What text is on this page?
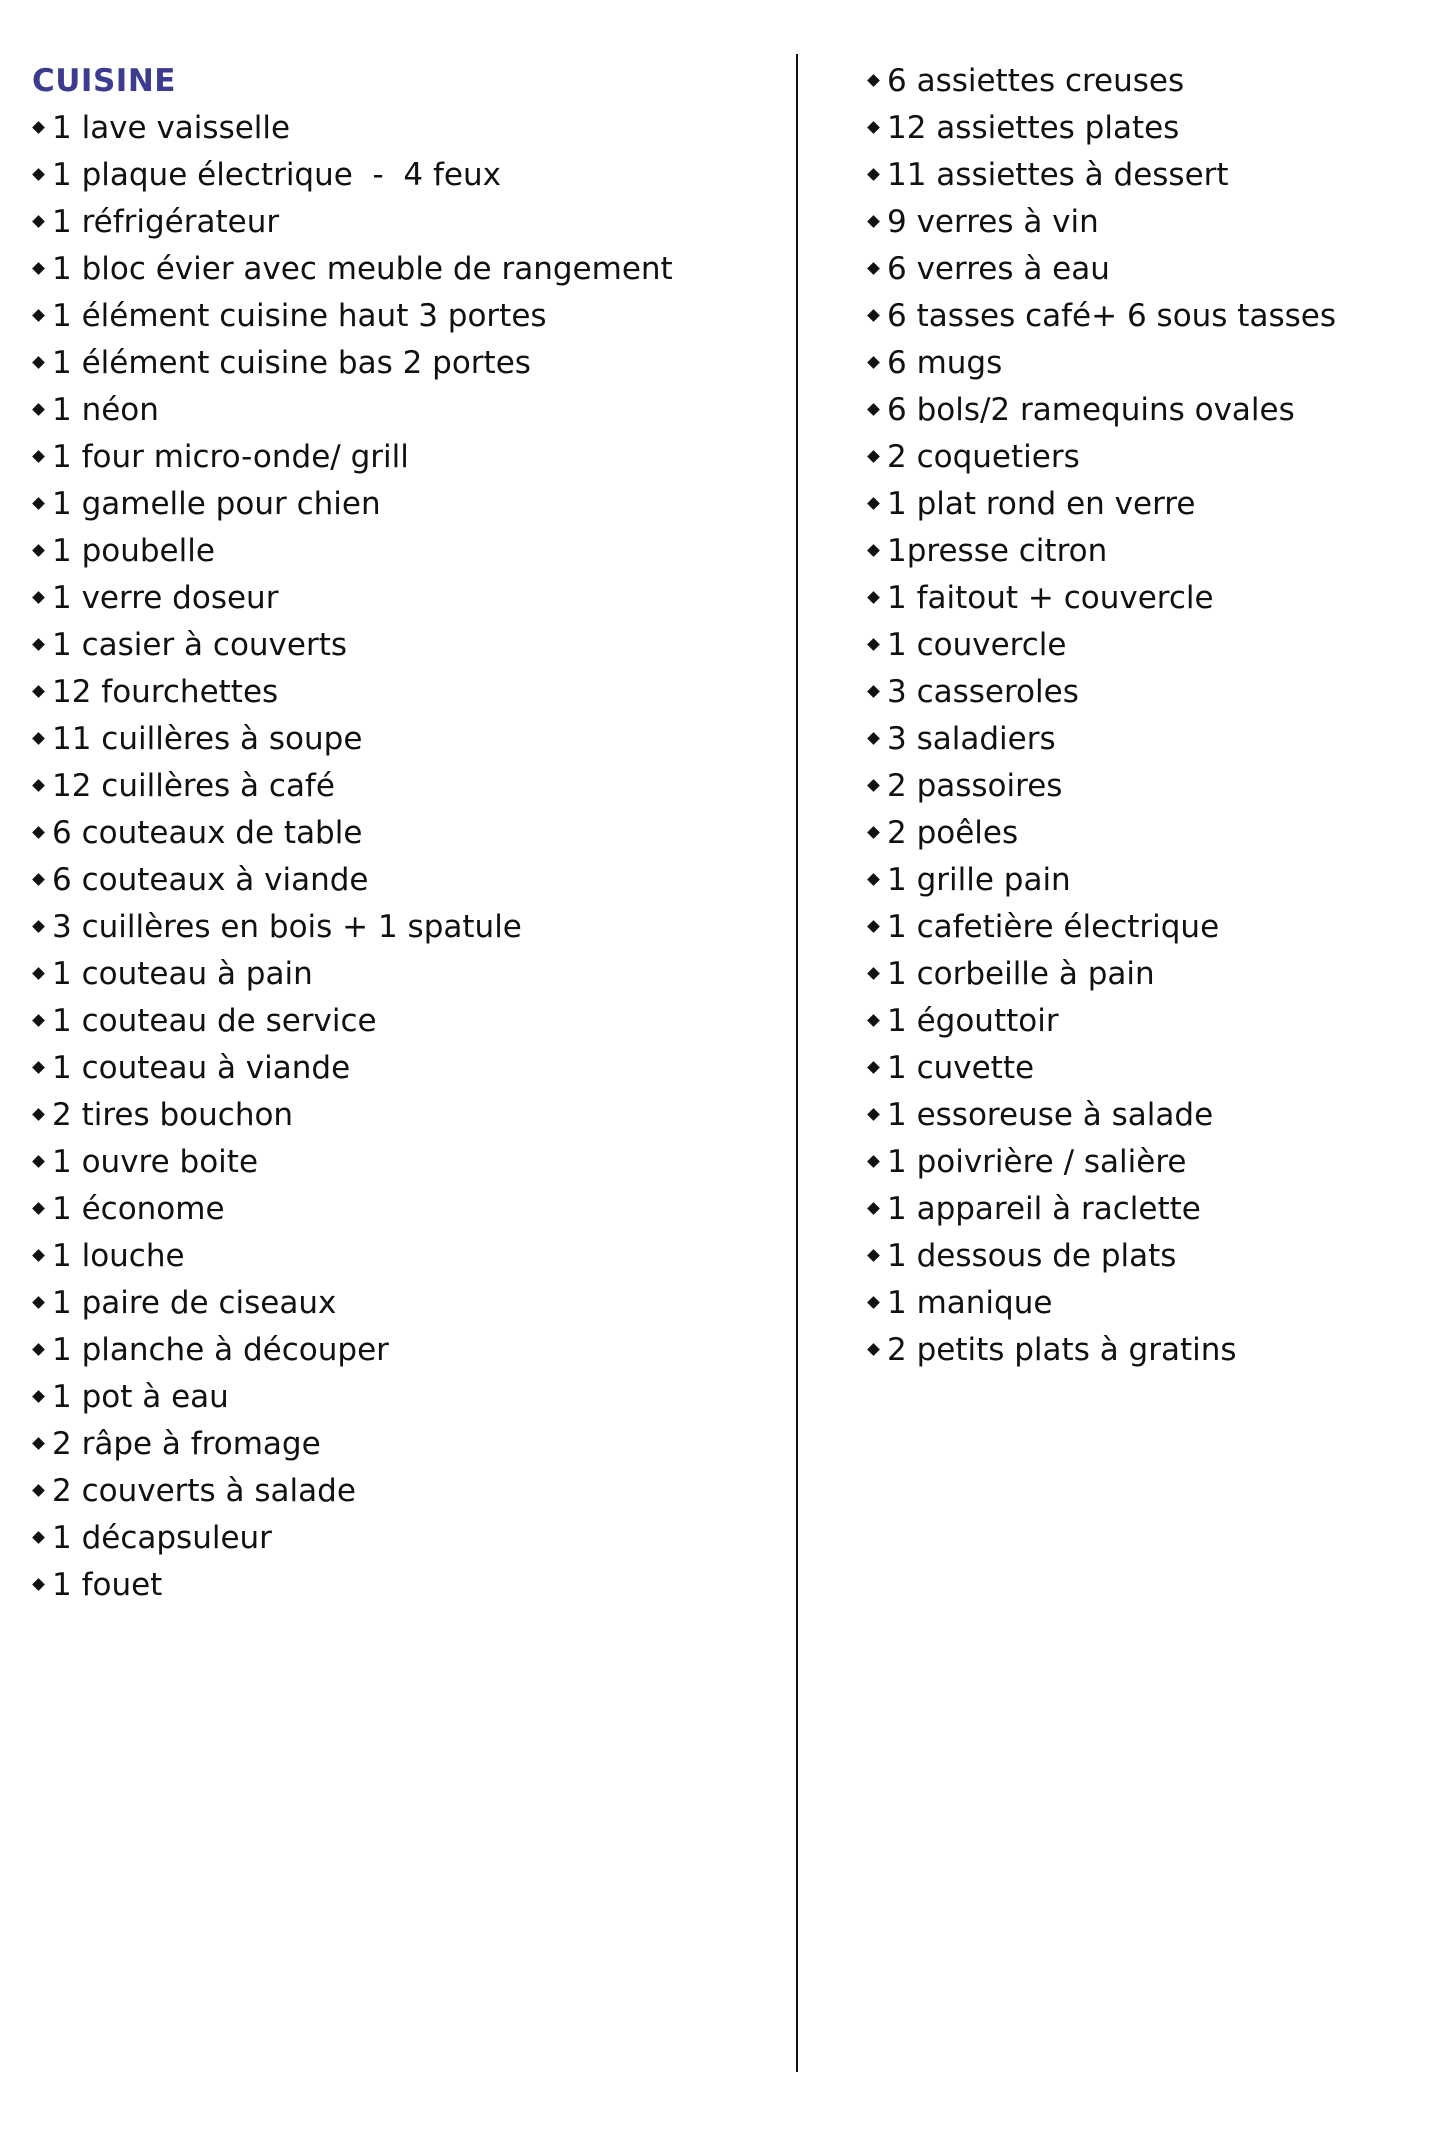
CUISINE
1 lave vaisselle
1 plaque électrique  -  4 feux
1 réfrigérateur
1 bloc évier avec meuble de rangement
1 élément cuisine haut 3 portes
1 élément cuisine bas 2 portes
1 néon
1 four micro-onde/ grill
1 gamelle pour chien
1 poubelle
1 verre doseur
1 casier à couverts
12 fourchettes
11 cuillères à soupe
12 cuillères à café
6 couteaux de table
6 couteaux à viande
3 cuillères en bois + 1 spatule
1 couteau à pain
1 couteau de service
1 couteau à viande
2 tires bouchon
1 ouvre boite
1 économe
1 louche
1 paire de ciseaux
1 planche à découper
1 pot à eau
2 râpe à fromage
2 couverts à salade
1 décapsuleur
1 fouet
6 assiettes creuses
12 assiettes plates
11 assiettes à dessert
9 verres à vin
6 verres à eau
6 tasses café+ 6 sous tasses
6 mugs
6 bols/2 ramequins ovales
2 coquetiers
1 plat rond en verre
1presse citron
1 faitout + couvercle
1 couvercle
3 casseroles
3 saladiers
2 passoires
2 poêles
1 grille pain
1 cafetière électrique
1 corbeille à pain
1 égouttoir
1 cuvette
1 essoreuse à salade
1 poivrière / salière
1 appareil à raclette
1 dessous de plats
1 manique
2 petits plats à gratins
